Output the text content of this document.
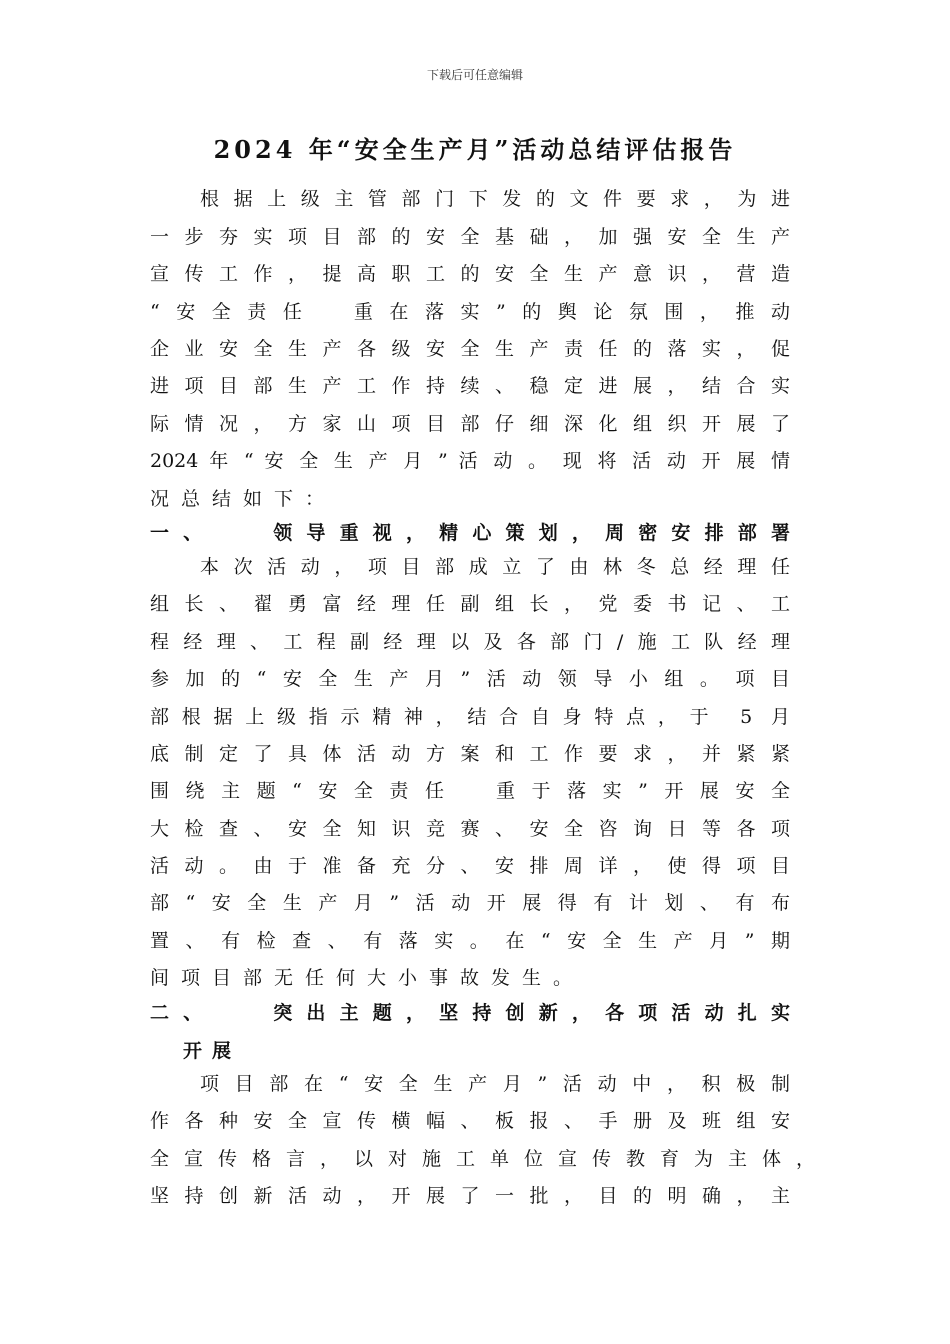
下载后可任意编辑
2024 年“安全生产月”活动总结评估报告
根据上级主管部门下发的文件要求，为进
一步夯实项目部的安全基础，加强安全生产
宣传工作，提高职工的安全生产意识，营造
“安全责任　重在落实”的舆论氛围，推动
企业安全生产各级安全生产责任的落实，促
进项目部生产工作持续、稳定进展，结合实
际情况，方家山项目部仔细深化组织开展了
2024 年 “ 安 全 生 产 月 ” 活 动 。 现 将 活 动 开 展 情
况总结如下：
一、　　领导重视，精心策划，周密安排部署
本次活动，项目部成立了由林冬总经理任
组长、翟勇富经理任副组长，党委书记、工
程经理、工程副经理以及各部门/施工队经理
参加的“安全生产月”活动领导小组。项目
部根据上级指示精神，结合自身特点，于 5 月
底制定了具体活动方案和工作要求，并紧紧
围绕主题“安全责任　重于落实”开展安全
大检查、安全知识竞赛、安全咨询日等各项
活动。由于准备充分、安排周详，使得项目
部“安全生产月”活动开展得有计划、有布
置、有检查、有落实。在“安全生产月”期
间项目部无任何大小事故发生。
二、　　突出主题，坚持创新，各项活动扎实
开展
项目部在“安全生产月”活动中，积极制
作各种安全宣传横幅、板报、手册及班组安
全宣传格言，以对施工单位宣传教育为主体，
坚持创新活动，开展了一批，目的明确，主
